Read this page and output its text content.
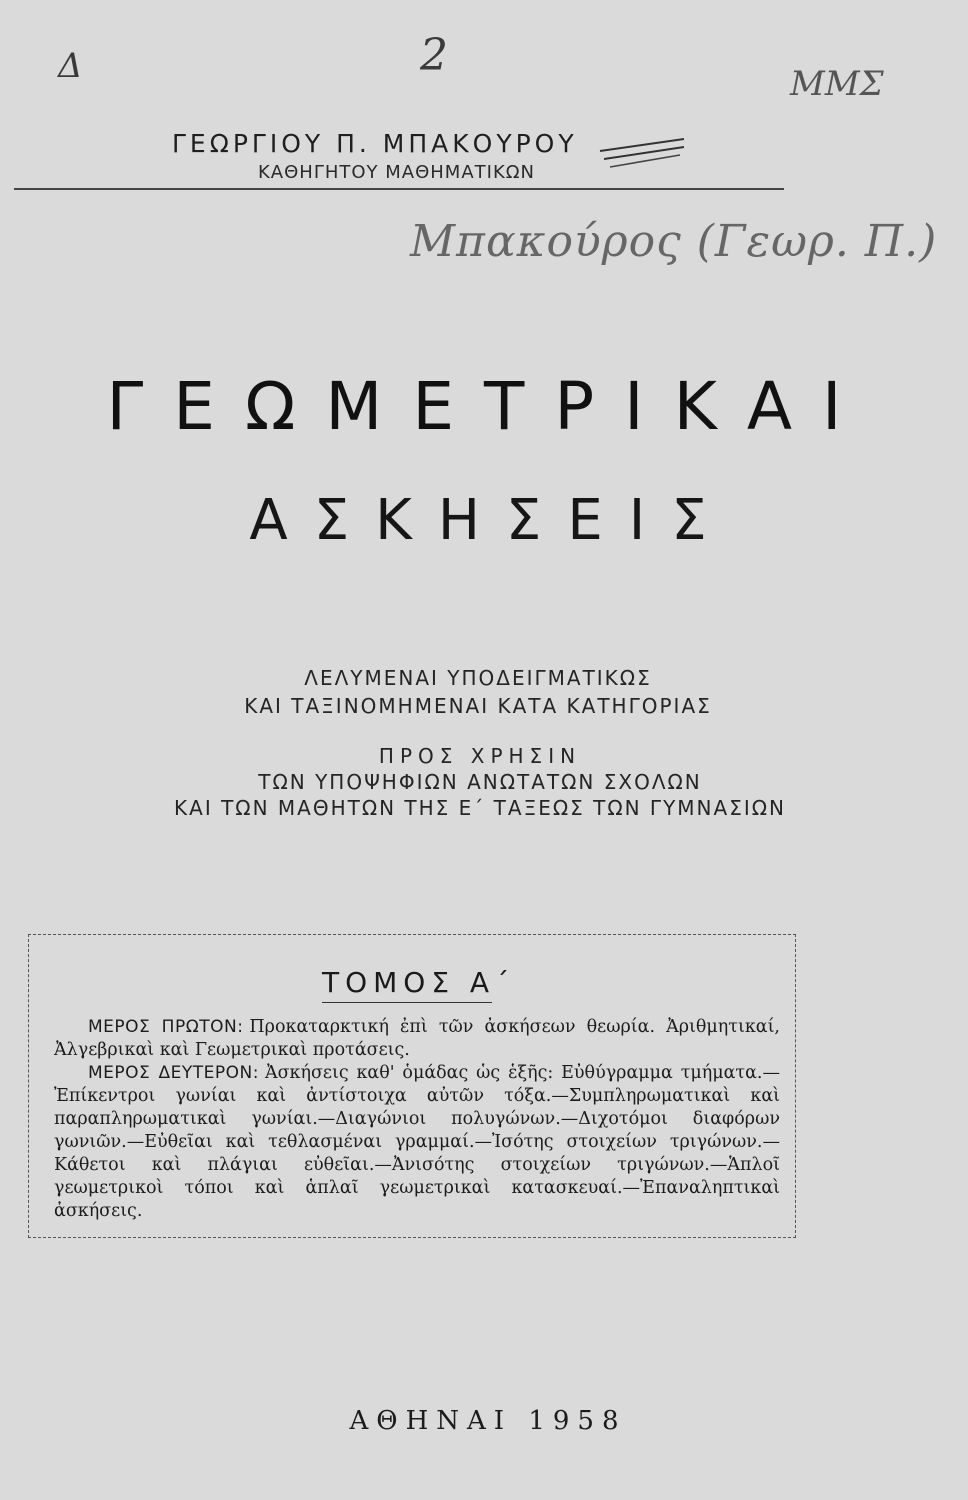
Δ	2
ΜΜΣ
ΓΕΩΡΓΙΟΥ Π. ΜΠΑΚΟΥΡΟΥ
ΚΑΘΗΓΗΤΟΥ ΜΑΘΗΜΑΤΙΚΩΝ
Μπακούρος (Γεωρ. Π.)
ΓΕΩΜΕΤΡΙΚΑΙ
ΑΣΚΗΣΕΙΣ
ΛΕΛΥΜΕΝΑΙ ΥΠΟΔΕΙΓΜΑΤΙΚΩΣ
ΚΑΙ ΤΑΞΙΝΟΜΗΜΕΝΑΙ ΚΑΤΑ ΚΑΤΗΓΟΡΙΑΣ
ΠΡΟΣ ΧΡΗΣΙΝ
ΤΩΝ ΥΠΟΨΗΦΙΩΝ ΑΝΩΤΑΤΩΝ ΣΧΟΛΩΝ
ΚΑΙ ΤΩΝ ΜΑΘΗΤΩΝ ΤΗΣ Ε΄ ΤΑΞΕΩΣ ΤΩΝ ΓΥΜΝΑΣΙΩΝ
ΤΟΜΟΣ Α΄

ΜΕΡΟΣ ΠΡΩΤΟΝ: Προκαταρκτική ἐπὶ τῶν ἀσκήσεων θεωρία. Ἀριθμητικαί, Ἀλγεβρικαὶ καὶ Γεωμετρικαὶ προτάσεις.

ΜΕΡΟΣ ΔΕΥΤΕΡΟΝ: Ἀσκήσεις καθ' ὁμάδας ὡς ἑξῆς: Εὐθύγραμμα τμήματα.—Ἐπίκεντροι γωνίαι καὶ ἀντίστοιχα αὐτῶν τόξα.—Συμπληρωματικαὶ καὶ παραπληρωματικαὶ γωνίαι.—Διαγώνιοι πολυγώνων.—Διχοτόμοι διαφόρων γωνιῶν.—Εὐθεῖαι καὶ τεθλασμέναι γραμμαί.—Ἰσότης στοιχείων τριγώνων.—Κάθετοι καὶ πλάγιαι εὐθεῖαι.—Ἀνισότης στοιχείων τριγώνων.—Ἁπλοῖ γεωμετρικοὶ τόποι καὶ ἁπλαῖ γεωμετρικαὶ κατασκευαί.—Ἐπαναληπτικαὶ ἀσκήσεις.

ΑΘΗΝΑΙ 1958
